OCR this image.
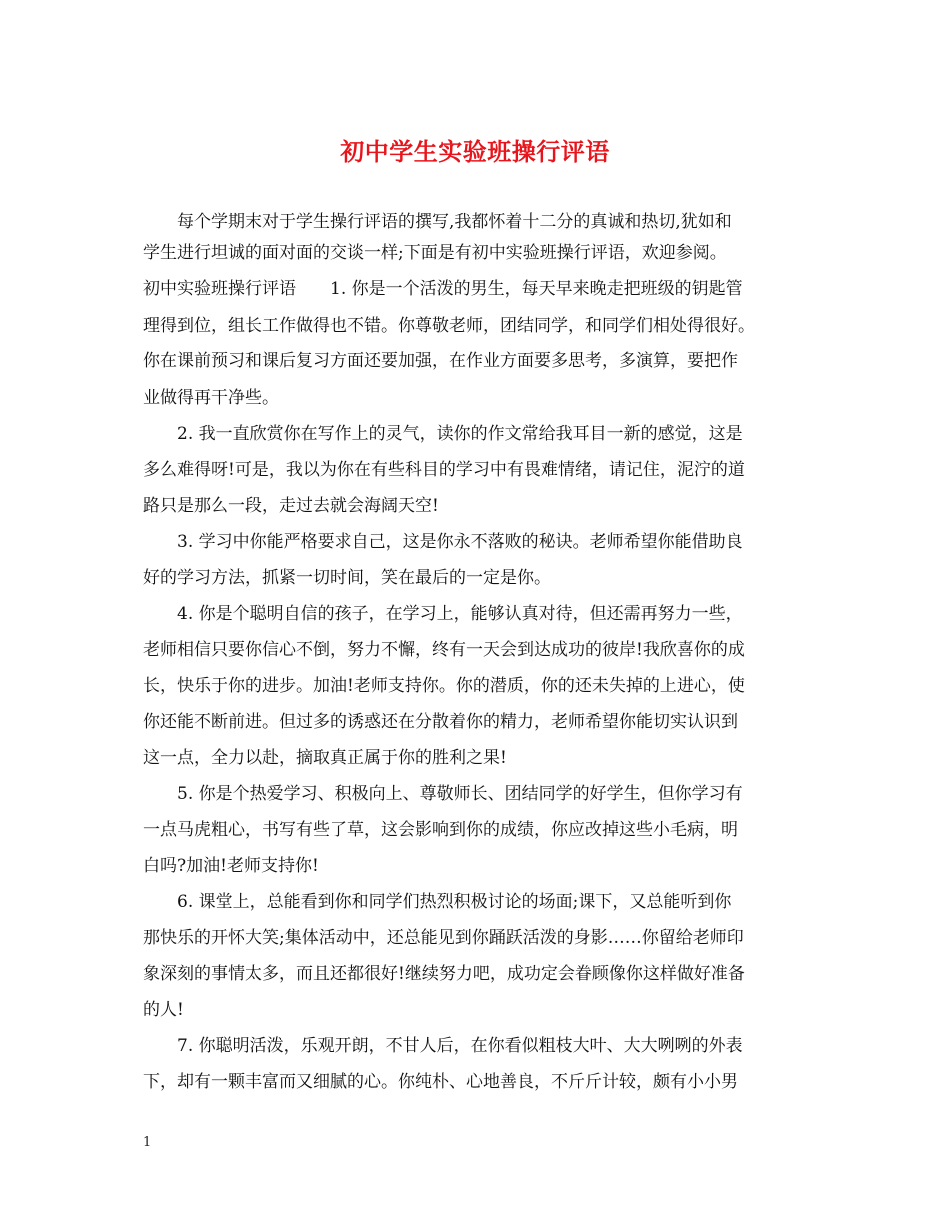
初中学生实验班操行评语
　　每个学期末对于学生操行评语的撰写,我都怀着十二分的真诚和热切,犹如和
学生进行坦诚的面对面的交谈一样;下面是有初中实验班操行评语，欢迎参阅。
初中实验班操行评语　　1. 你是一个活泼的男生，每天早来晚走把班级的钥匙管
理得到位，组长工作做得也不错。你尊敬老师，团结同学，和同学们相处得很好。
你在课前预习和课后复习方面还要加强，在作业方面要多思考，多演算，要把作
业做得再干净些。
　　2. 我一直欣赏你在写作上的灵气，读你的作文常给我耳目一新的感觉，这是
多么难得呀!可是，我以为你在有些科目的学习中有畏难情绪，请记住，泥泞的道
路只是那么一段，走过去就会海阔天空!
　　3. 学习中你能严格要求自己，这是你永不落败的秘诀。老师希望你能借助良
好的学习方法，抓紧一切时间，笑在最后的一定是你。
　　4. 你是个聪明自信的孩子，在学习上，能够认真对待，但还需再努力一些，
老师相信只要你信心不倒，努力不懈，终有一天会到达成功的彼岸!我欣喜你的成
长，快乐于你的进步。加油!老师支持你。你的潜质，你的还未失掉的上进心，使
你还能不断前进。但过多的诱惑还在分散着你的精力，老师希望你能切实认识到
这一点，全力以赴，摘取真正属于你的胜利之果!
　　5. 你是个热爱学习、积极向上、尊敬师长、团结同学的好学生，但你学习有
一点马虎粗心，书写有些了草，这会影响到你的成绩，你应改掉这些小毛病，明
白吗?加油!老师支持你!
　　6. 课堂上，总能看到你和同学们热烈积极讨论的场面;课下，又总能听到你
那快乐的开怀大笑;集体活动中，还总能见到你踊跃活泼的身影……你留给老师印
象深刻的事情太多，而且还都很好!继续努力吧，成功定会眷顾像你这样做好准备
的人!
　　7. 你聪明活泼，乐观开朗，不甘人后，在你看似粗枝大叶、大大咧咧的外表
下，却有一颗丰富而又细腻的心。你纯朴、心地善良，不斤斤计较，颇有小小男
1
